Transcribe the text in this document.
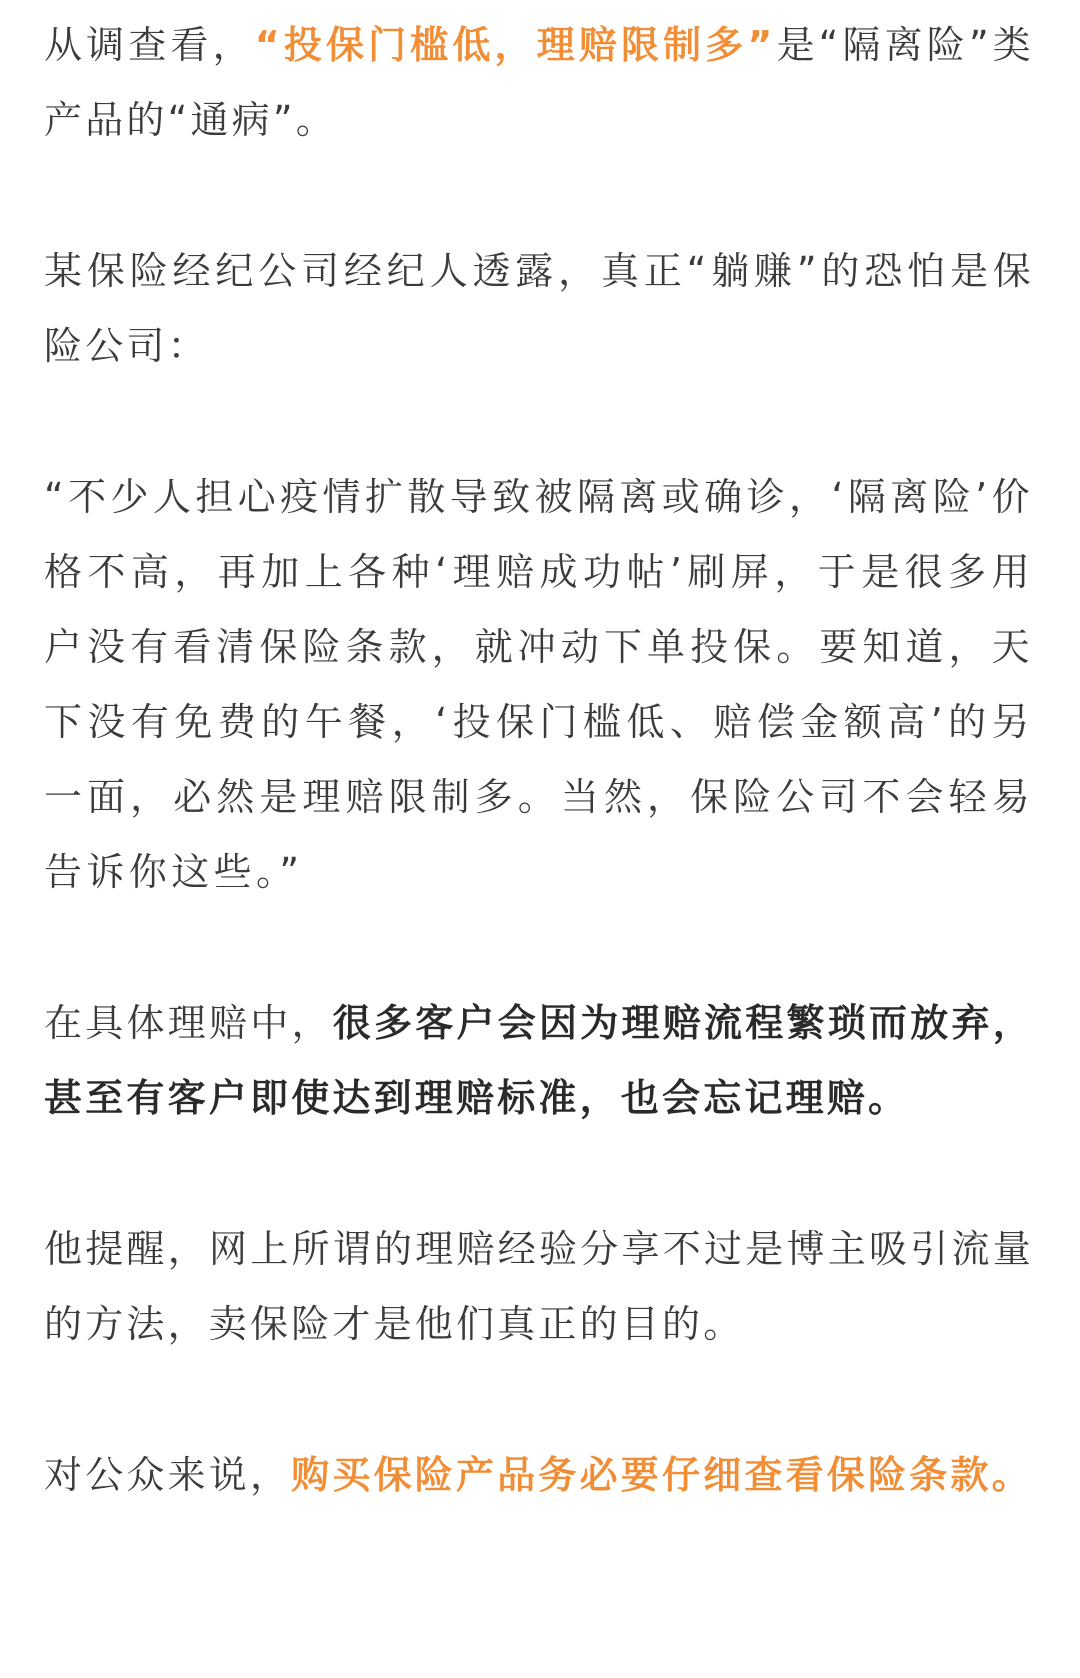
从调查看，“投保门槛低，理赔限制多”是“隔离险”类产品的“通病”。

某保险经纪公司经纪人透露，真正“躺赚”的恐怕是保险公司：

“不少人担心疫情扩散导致被隔离或确诊，‘隔离险’价格不高，再加上各种‘理赔成功帖’刷屏，于是很多用户没有看清保险条款，就冲动下单投保。要知道，天下没有免费的午餐，‘投保门槛低、赔偿金额高’的另一面，必然是理赔限制多。当然，保险公司不会轻易告诉你这些。”

在具体理赔中，很多客户会因为理赔流程繁琐而放弃，甚至有客户即使达到理赔标准，也会忘记理赔。

他提醒，网上所谓的理赔经验分享不过是博主吸引流量的方法，卖保险才是他们真正的目的。

对公众来说，购买保险产品务必要仔细查看保险条款。
